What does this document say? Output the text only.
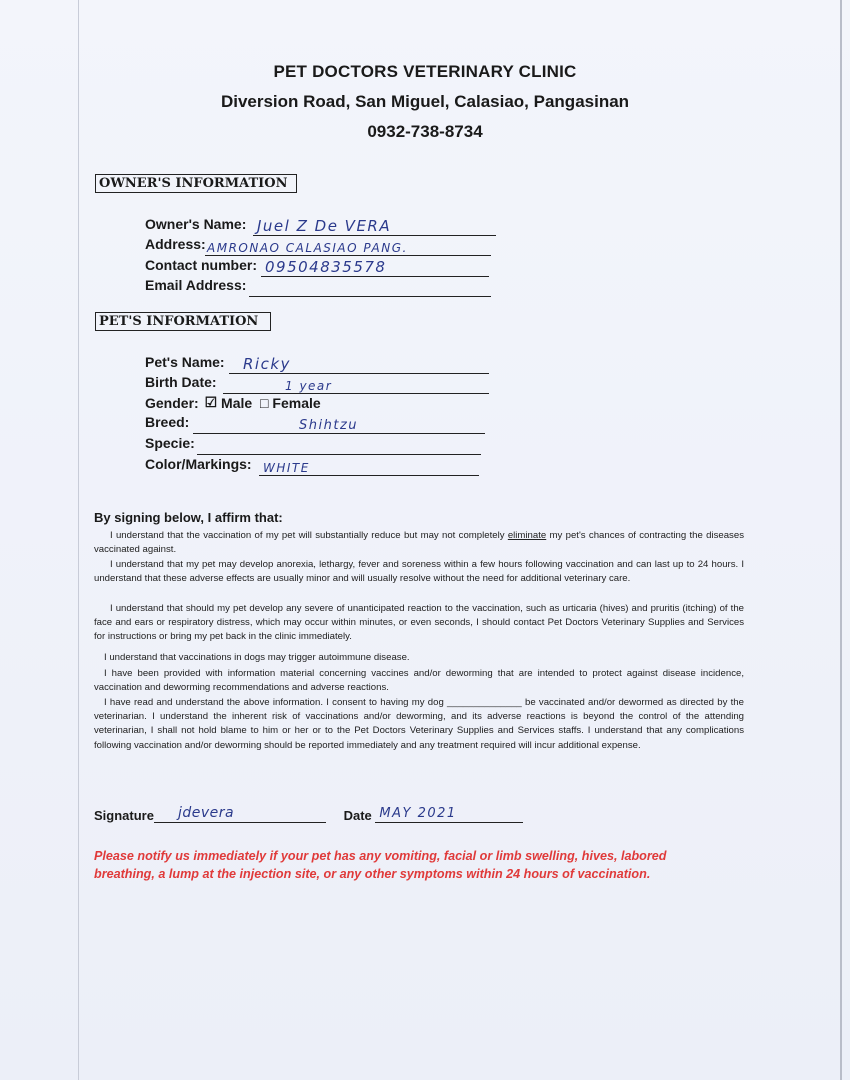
PET DOCTORS VETERINARY CLINIC
Diversion Road, San Miguel, Calasiao, Pangasinan
0932-738-8734
OWNER'S INFORMATION
Owner's Name: Juel Z De VERA
Address: AMRONAO CALASIAO PANG.
Contact number: 09504835578
Email Address:
PET'S INFORMATION
Pet's Name: Ricky
Birth Date:	1 year
Gender: ☑ Male □ Female
Breed:	Shihtzu
Specie:
Color/Markings: WHITE
By signing below, I affirm that:
I understand that the vaccination of my pet will substantially reduce but may not completely eliminate my pet's chances of contracting the diseases vaccinated against.
I understand that my pet may develop anorexia, lethargy, fever and soreness within a few hours following vaccination and can last up to 24 hours. I understand that these adverse effects are usually minor and will usually resolve without the need for additional veterinary care.
I understand that should my pet develop any severe of unanticipated reaction to the vaccination, such as urticaria (hives) and pruritis (itching) of the face and ears or respiratory distress, which may occur within minutes, or even seconds, I should contact Pet Doctors Veterinary Supplies and Services for instructions or bring my pet back in the clinic immediately.
I understand that vaccinations in dogs may trigger autoimmune disease.
I have been provided with information material concerning vaccines and/or deworming that are intended to protect against disease incidence, vaccination and deworming recommendations and adverse reactions.
I have read and understand the above information. I consent to having my dog ______________ be vaccinated and/or dewormed as directed by the veterinarian. I understand the inherent risk of vaccinations and/or deworming, and its adverse reactions is beyond the control of the attending veterinarian, I shall not hold blame to him or her or to the Pet Doctors Veterinary Supplies and Services staffs. I understand that any complications following vaccination and/or deworming should be reported immediately and any treatment required will incur additional expense.
Signature jdevera	Date MAY 2021
Please notify us immediately if your pet has any vomiting, facial or limb swelling, hives, labored breathing, a lump at the injection site, or any other symptoms within 24 hours of vaccination.
